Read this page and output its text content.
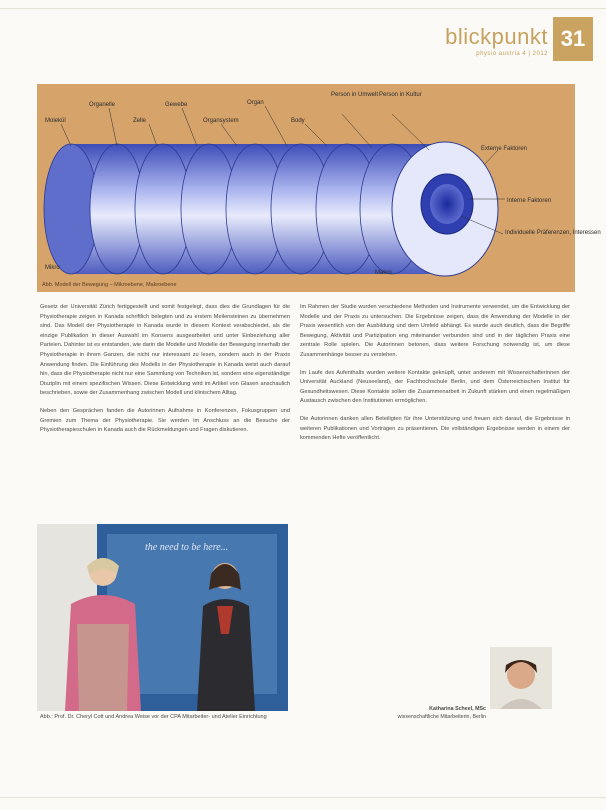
blickpunkt
physio austria 4 | 2012
31
Molekül
Organelle
Zelle
Gewebe
Organsystem
Organ
Body
Person in Umwelt Person in Kultur
Externe Faktoren
Interne Faktoren
Individuelle Präferenzen, Interessen
Mikro
Makro
Abb. Modell der Bewegung – Mikroebene, Makroebene

Gesetz der Universität Zürich fertiggestellt und somit festgelegt, dass dies die Grundlagen für die Physiotherapie zeigen in Kanada schriftlich belegten und zu erstem Meilensteinen zu übernehmen sind. Das Modell der Physiotherapie in Kanada wurde in diesem Kontext verabschiedet, als die einzige Publikation in dieser Auswahl im Konsens ausgearbeitet und unter Einbeziehung aller Parteien. Dahinter ist es entstanden, wie darin die Modelle und Modelle der Bewegung innerhalb der Physiotherapie in ihrem Ganzen, die nicht nur interessant zu lesen, sondern auch in der Praxis Anwendung finden. Die Einführung des Modells in der Physiotherapie in Kanada weist auch darauf hin, dass die Physiotherapie nicht nur eine Sammlung von Techniken ist, sondern eine eigenständige Disziplin mit einem spezifischen Wissen. Diese Entwicklung wird im Artikel von Glasen anschaulich beschrieben, sowie der Zusammenhang zwischen Modell und klinischem Alltag.

Neben den Gesprächen fanden die Autorinnen Aufnahme in Konferenzen, Fokusgruppen und Gremien zum Thema der Physiotherapie. Sie werden im Anschluss an die Besuche der Physiotherapieschulen in Kanada auch die Rückmeldungen und Fragen diskutieren.

the need to be here...
Abb.: Prof. Dr. Cheryl Cott und Andrea Weise vor der CPA Mitarbeiter- und Atelier Einrichtung

Im Rahmen der Studie wurden verschiedene Methoden und Instrumente verwendet, um die Entwicklung der Modelle und der Praxis zu untersuchen. Die Ergebnisse zeigen, dass die Anwendung der Modelle in der Praxis wesentlich von der Ausbildung und dem Umfeld abhängt. Es wurde auch deutlich, dass die Begriffe Bewegung, Aktivität und Partizipation eng miteinander verbunden sind und in der täglichen Praxis eine zentrale Rolle spielen. Die Autorinnen betonen, dass weitere Forschung notwendig ist, um diese Zusammenhänge besser zu verstehen.

Im Laufe des Aufenthalts wurden weitere Kontakte geknüpft, unter anderem mit Wissenschafterinnen der Universität Auckland (Neuseeland), der Fachhochschule Berlin, und dem Österreichischen Institut für Gesundheitswesen. Diese Kontakte sollen die Zusammenarbeit in Zukunft stärken und einen regelmäßigen Austausch zwischen den Institutionen ermöglichen.

Die Autorinnen danken allen Beteiligten für ihre Unterstützung und freuen sich darauf, die Ergebnisse in weiteren Publikationen und Vorträgen zu präsentieren. Die vollständigen Ergebnisse werden in einem der kommenden Hefte veröffentlicht.

Katharina Scheel, MSc
wissenschaftliche Mitarbeiterin, Berlin
